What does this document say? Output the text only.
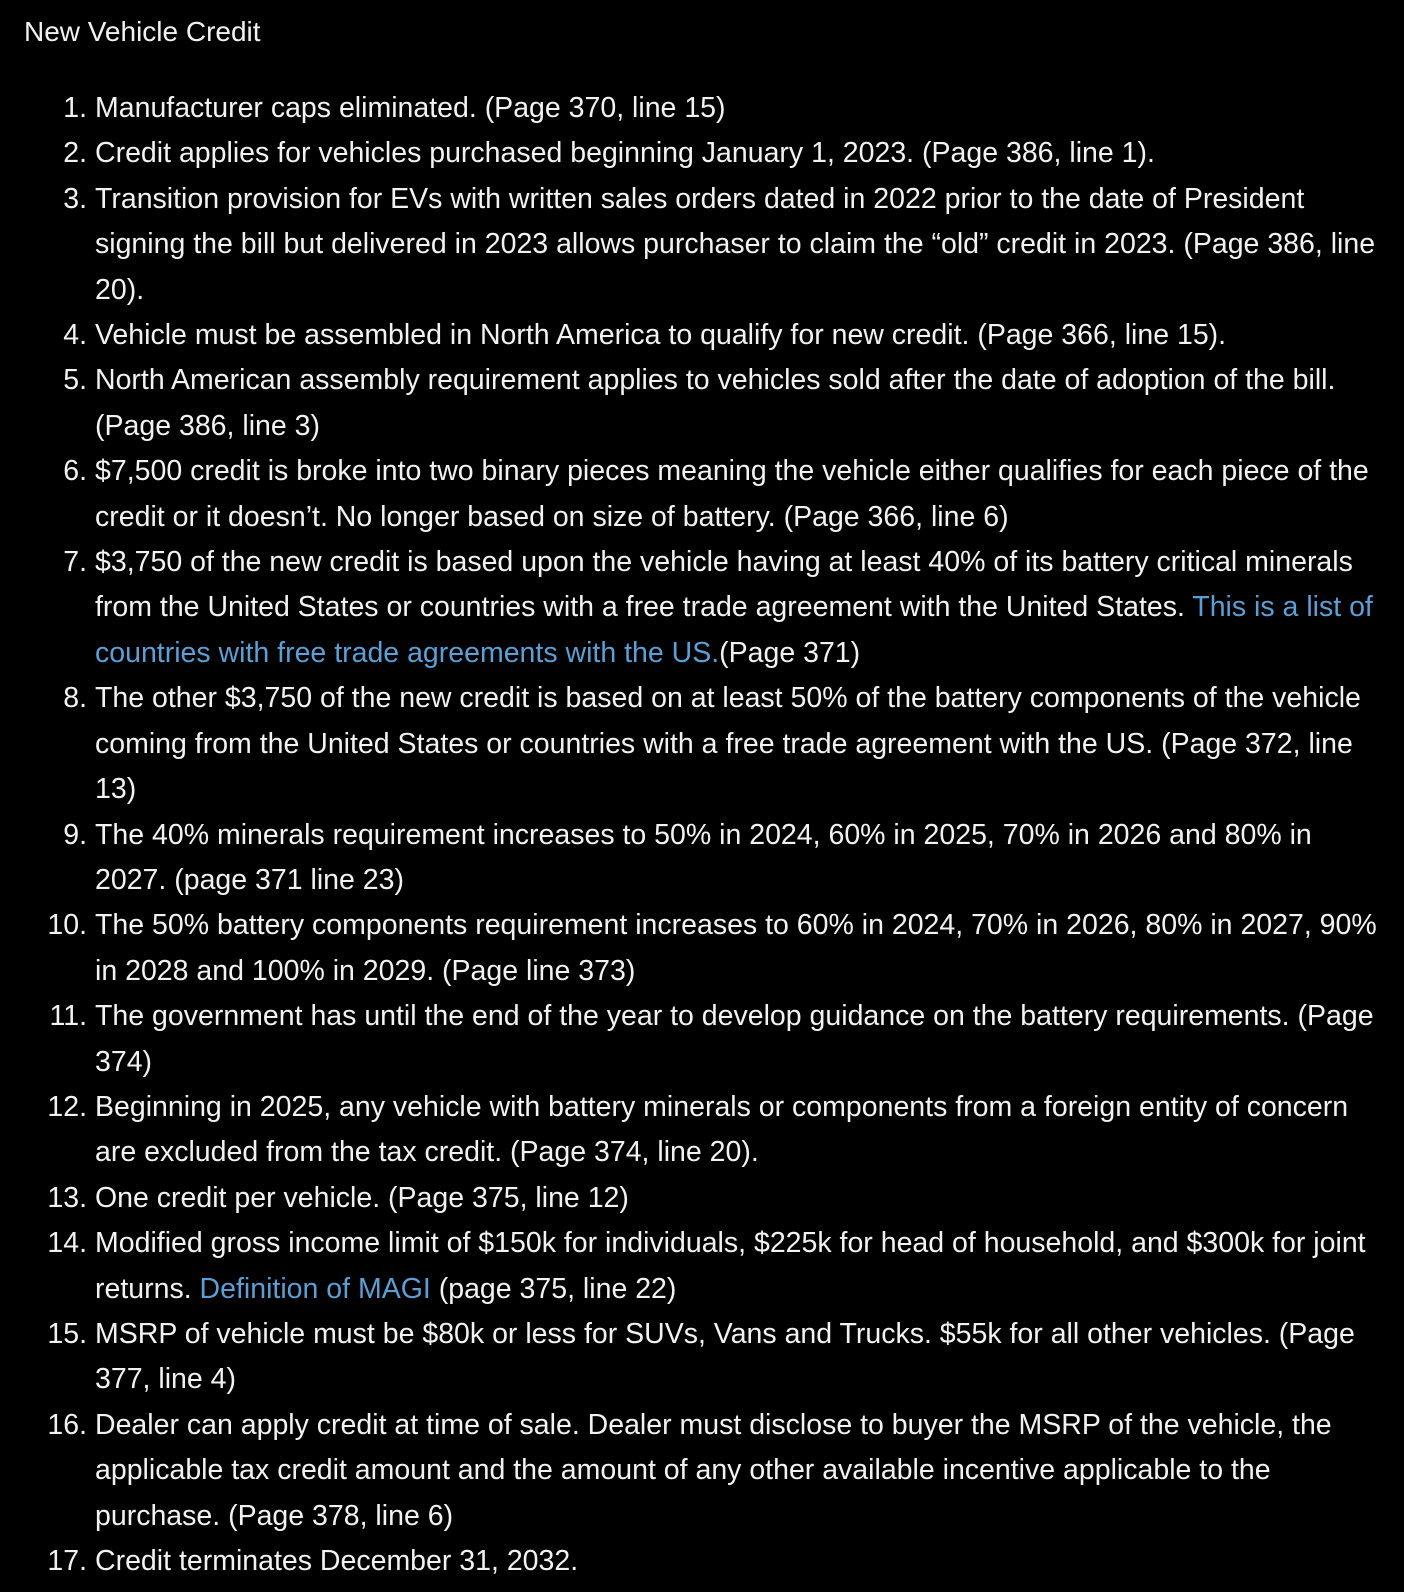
New Vehicle Credit
1. Manufacturer caps eliminated. (Page 370, line 15)
2. Credit applies for vehicles purchased beginning January 1, 2023. (Page 386, line 1).
3. Transition provision for EVs with written sales orders dated in 2022 prior to the date of President signing the bill but delivered in 2023 allows purchaser to claim the “old” credit in 2023. (Page 386, line 20).
4. Vehicle must be assembled in North America to qualify for new credit. (Page 366, line 15).
5. North American assembly requirement applies to vehicles sold after the date of adoption of the bill. (Page 386, line 3)
6. $7,500 credit is broke into two binary pieces meaning the vehicle either qualifies for each piece of the credit or it doesn’t. No longer based on size of battery. (Page 366, line 6)
7. $3,750 of the new credit is based upon the vehicle having at least 40% of its battery critical minerals from the United States or countries with a free trade agreement with the United States. This is a list of countries with free trade agreements with the US.(Page 371)
8. The other $3,750 of the new credit is based on at least 50% of the battery components of the vehicle coming from the United States or countries with a free trade agreement with the US. (Page 372, line 13)
9. The 40% minerals requirement increases to 50% in 2024, 60% in 2025, 70% in 2026 and 80% in 2027. (page 371 line 23)
10. The 50% battery components requirement increases to 60% in 2024, 70% in 2026, 80% in 2027, 90% in 2028 and 100% in 2029. (Page line 373)
11. The government has until the end of the year to develop guidance on the battery requirements. (Page 374)
12. Beginning in 2025, any vehicle with battery minerals or components from a foreign entity of concern are excluded from the tax credit. (Page 374, line 20).
13. One credit per vehicle. (Page 375, line 12)
14. Modified gross income limit of $150k for individuals, $225k for head of household, and $300k for joint returns. Definition of MAGI (page 375, line 22)
15. MSRP of vehicle must be $80k or less for SUVs, Vans and Trucks. $55k for all other vehicles. (Page 377, line 4)
16. Dealer can apply credit at time of sale. Dealer must disclose to buyer the MSRP of the vehicle, the applicable tax credit amount and the amount of any other available incentive applicable to the purchase. (Page 378, line 6)
17. Credit terminates December 31, 2032.
